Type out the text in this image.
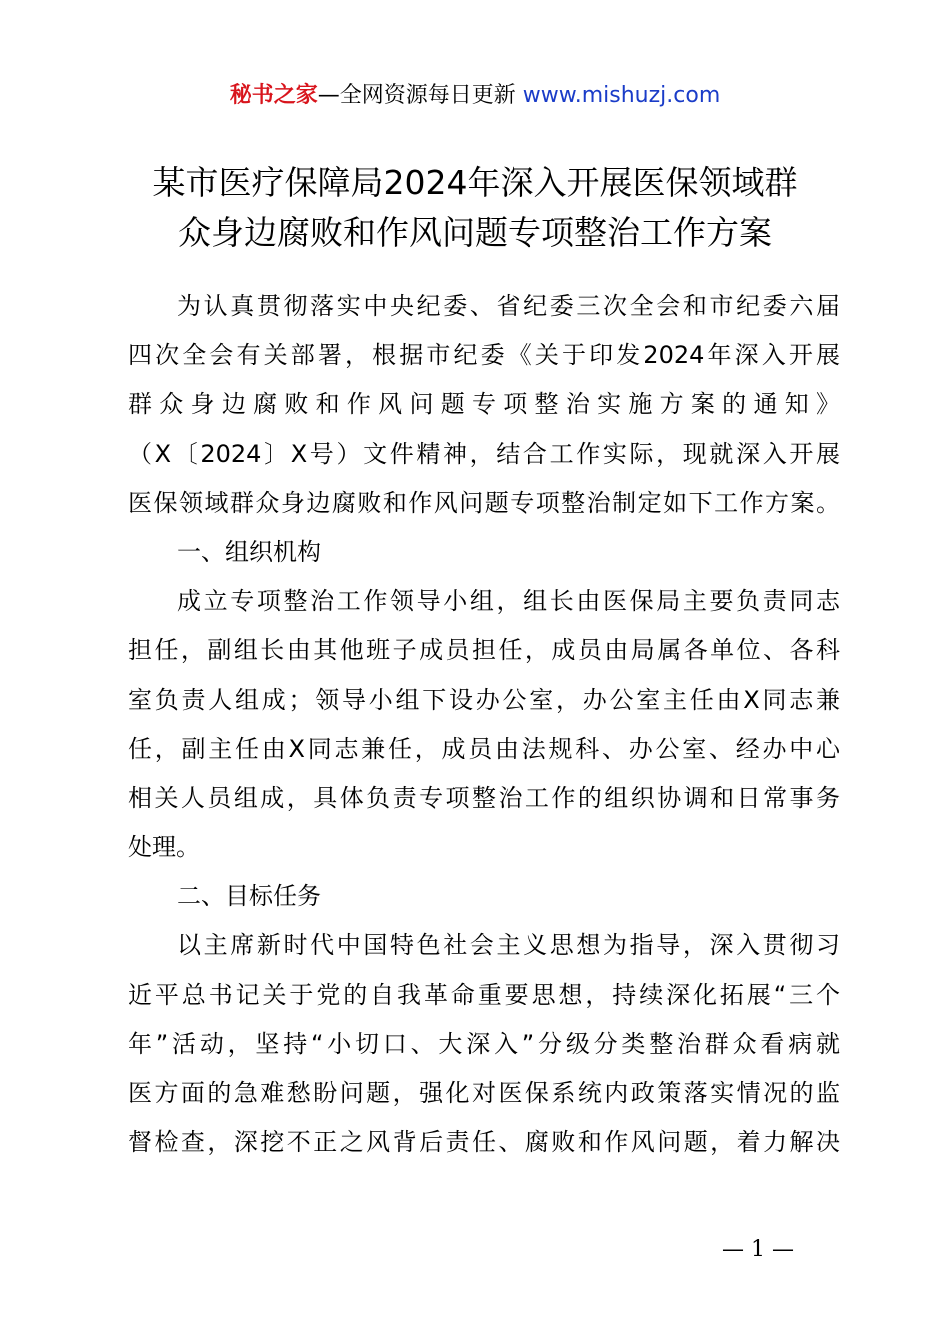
秘书之家—全网资源每日更新 www.mishuzj.com
某市医疗保障局2024年深入开展医保领域群
众身边腐败和作风问题专项整治工作方案
为认真贯彻落实中央纪委、省纪委三次全会和市纪委六届
四次全会有关部署，根据市纪委《关于印发2024年深入开展
群众身边腐败和作风问题专项整治实施方案的通知》
（X〔2024〕X号）文件精神，结合工作实际，现就深入开展
医保领域群众身边腐败和作风问题专项整治制定如下工作方案。
一、组织机构
成立专项整治工作领导小组，组长由医保局主要负责同志
担任，副组长由其他班子成员担任，成员由局属各单位、各科
室负责人组成；领导小组下设办公室，办公室主任由X同志兼
任，副主任由X同志兼任，成员由法规科、办公室、经办中心
相关人员组成，具体负责专项整治工作的组织协调和日常事务
处理。
二、目标任务
以主席新时代中国特色社会主义思想为指导，深入贯彻习
近平总书记关于党的自我革命重要思想，持续深化拓展“三个
年”活动，坚持“小切口、大深入”分级分类整治群众看病就
医方面的急难愁盼问题，强化对医保系统内政策落实情况的监
督检查，深挖不正之风背后责任、腐败和作风问题，着力解决
— 1 —
